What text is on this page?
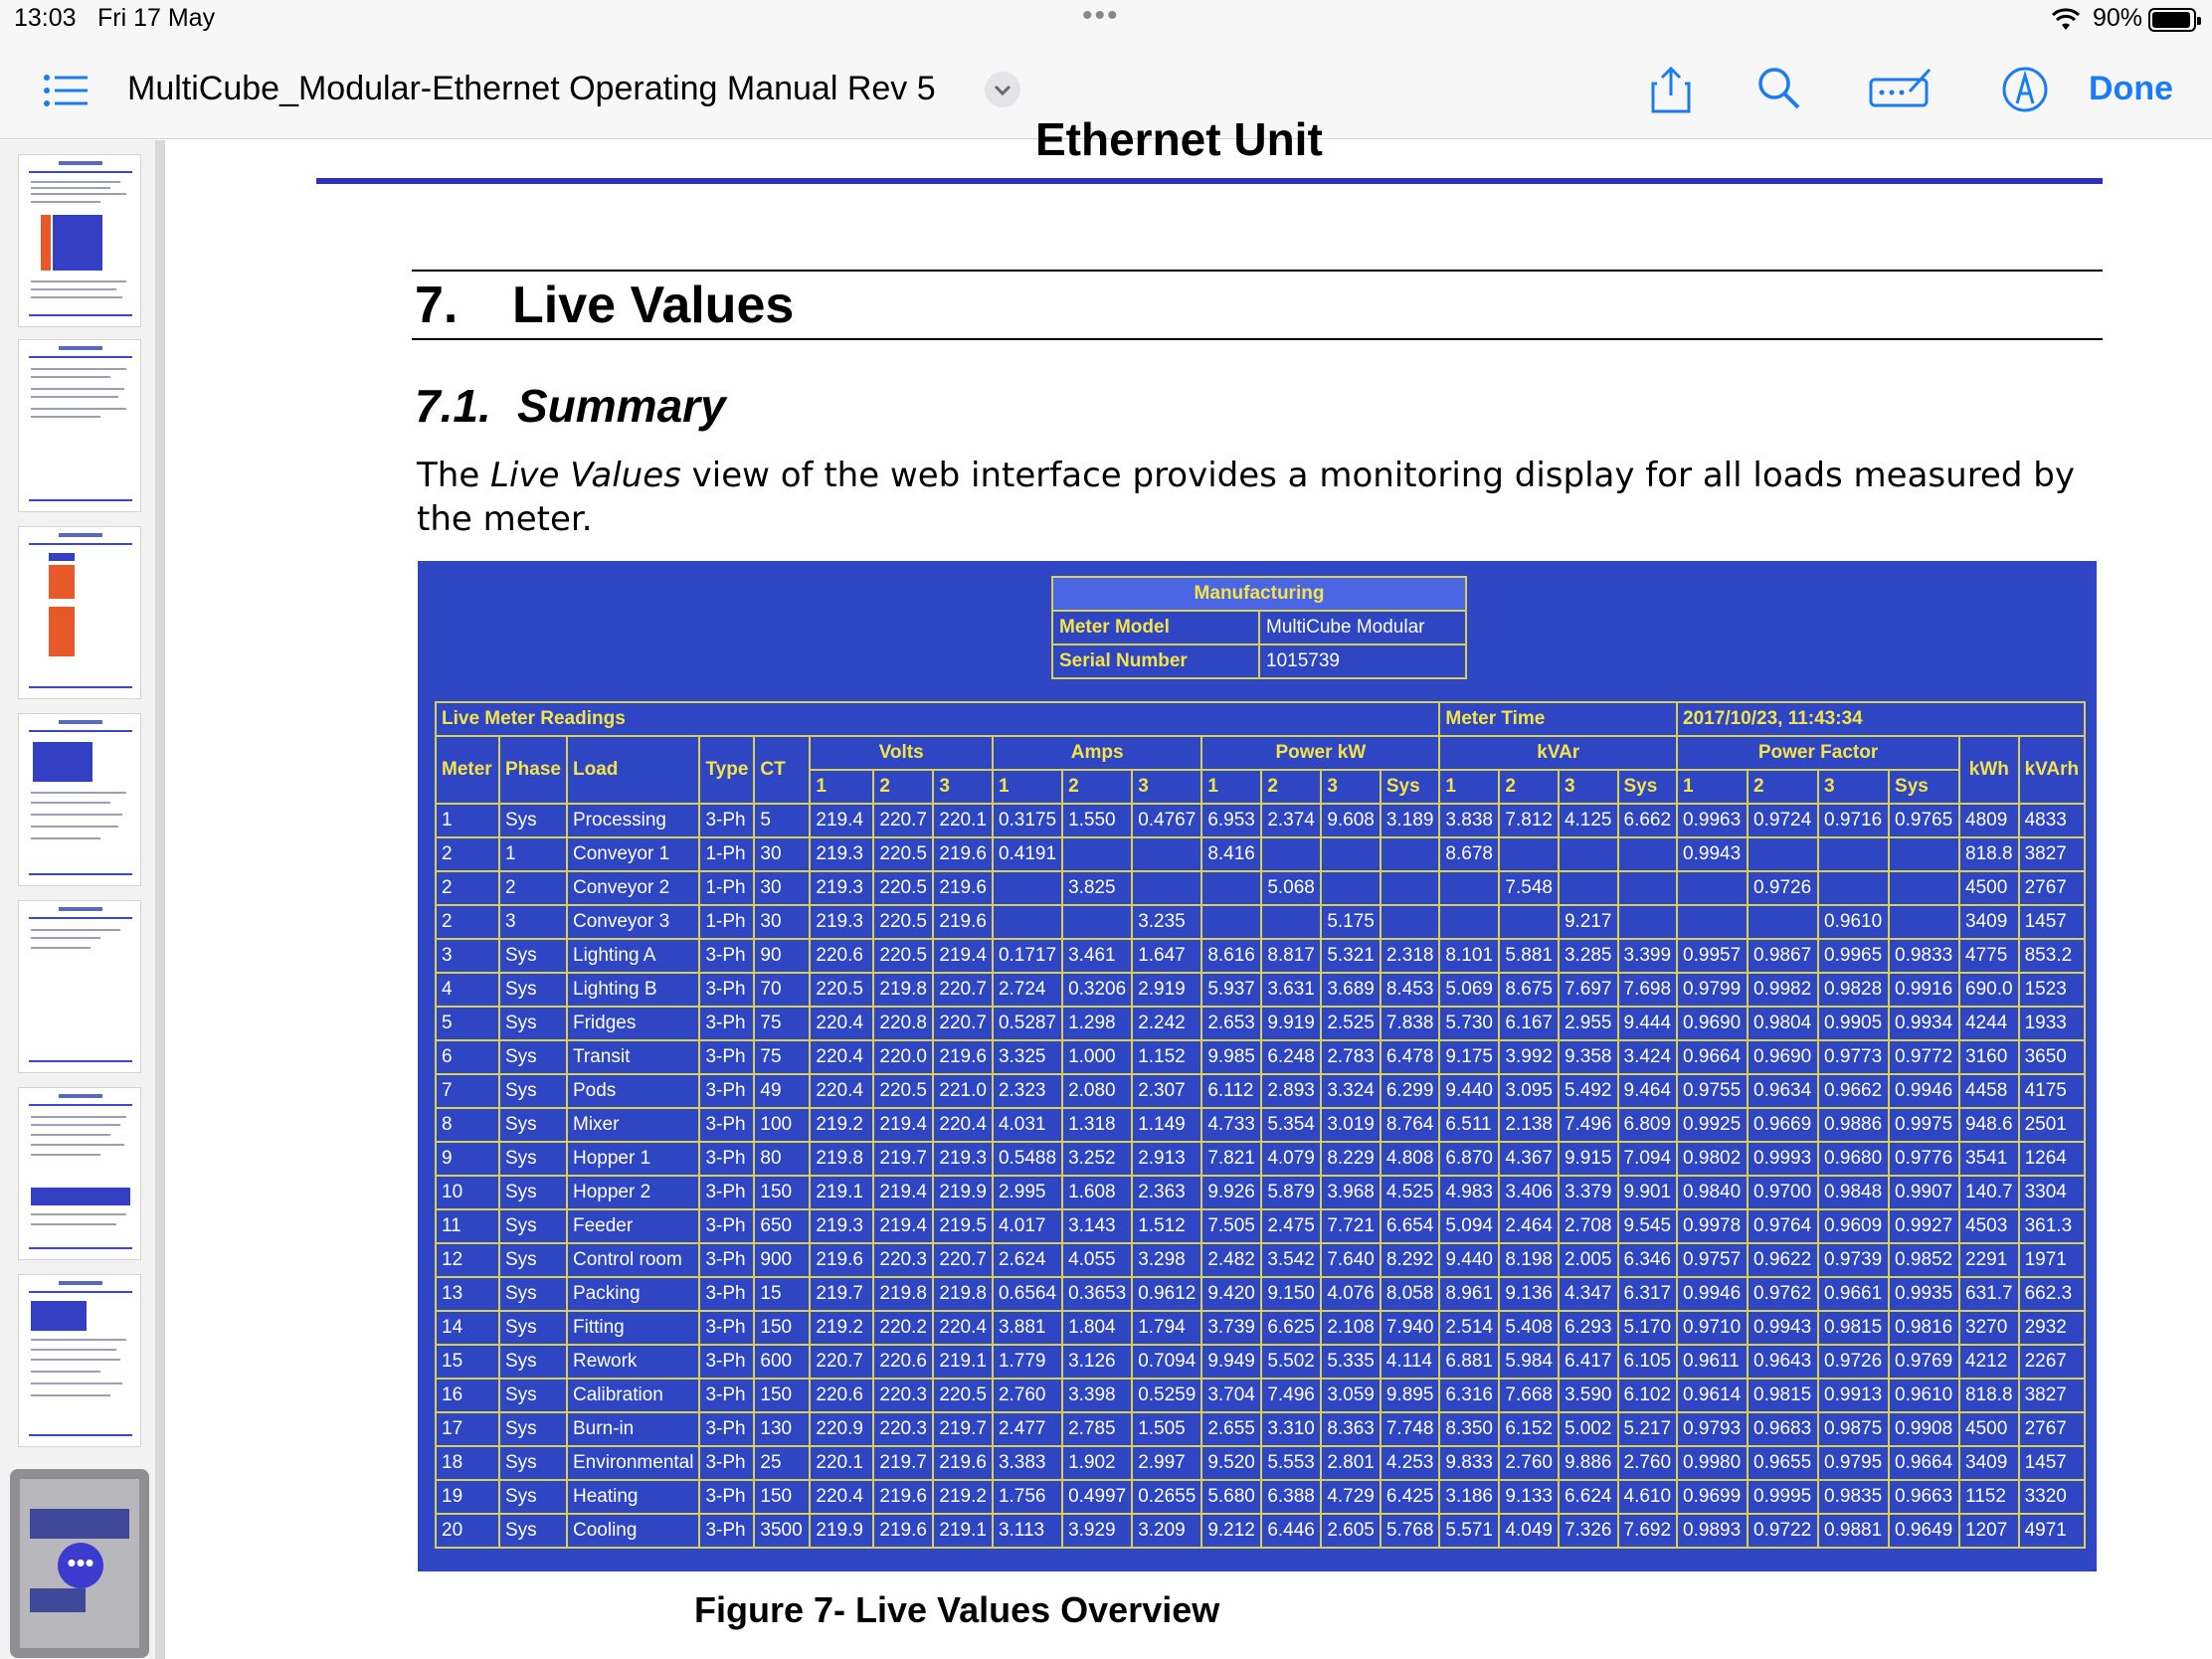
13:03 Fri 17 May	•••	90%
MultiCube_Modular-Ethernet Operating Manual Rev 5	Done
•••
Ethernet Unit
7. Live Values
7.1. Summary
The Live Values view of the web interface provides a monitoring display for all loads measured by the meter.
Manufacturing	
Meter Model	MultiCube Modular
Serial Number	1015739
Live Meter Readings															Meter Time				2017/10/23, 11:43:34					
Meter	Phase	Load	Type	CT	Volts			Amps			Power kW				kVAr				Power Factor				kWh	kVArh
					1	2	3	1	2	3	1	2	3	Sys	1	2	3	Sys	1	2	3	Sys		
1	Sys	Processing	3-Ph	5	219.4	220.7	220.1	0.3175	1.550	0.4767	6.953	2.374	9.608	3.189	3.838	7.812	4.125	6.662	0.9963	0.9724	0.9716	0.9765	4809	4833
2	1	Conveyor 1	1-Ph	30	219.3	220.5	219.6	0.4191			8.416				8.678				0.9943				818.8	3827
2	2	Conveyor 2	1-Ph	30	219.3	220.5	219.6		3.825			5.068				7.548				0.9726			4500	2767
2	3	Conveyor 3	1-Ph	30	219.3	220.5	219.6			3.235			5.175				9.217				0.9610		3409	1457
3	Sys	Lighting A	3-Ph	90	220.6	220.5	219.4	0.1717	3.461	1.647	8.616	8.817	5.321	2.318	8.101	5.881	3.285	3.399	0.9957	0.9867	0.9965	0.9833	4775	853.2
4	Sys	Lighting B	3-Ph	70	220.5	219.8	220.7	2.724	0.3206	2.919	5.937	3.631	3.689	8.453	5.069	8.675	7.697	7.698	0.9799	0.9982	0.9828	0.9916	690.0	1523
5	Sys	Fridges	3-Ph	75	220.4	220.8	220.7	0.5287	1.298	2.242	2.653	9.919	2.525	7.838	5.730	6.167	2.955	9.444	0.9690	0.9804	0.9905	0.9934	4244	1933
6	Sys	Transit	3-Ph	75	220.4	220.0	219.6	3.325	1.000	1.152	9.985	6.248	2.783	6.478	9.175	3.992	9.358	3.424	0.9664	0.9690	0.9773	0.9772	3160	3650
7	Sys	Pods	3-Ph	49	220.4	220.5	221.0	2.323	2.080	2.307	6.112	2.893	3.324	6.299	9.440	3.095	5.492	9.464	0.9755	0.9634	0.9662	0.9946	4458	4175
8	Sys	Mixer	3-Ph	100	219.2	219.4	220.4	4.031	1.318	1.149	4.733	5.354	3.019	8.764	6.511	2.138	7.496	6.809	0.9925	0.9669	0.9886	0.9975	948.6	2501
9	Sys	Hopper 1	3-Ph	80	219.8	219.7	219.3	0.5488	3.252	2.913	7.821	4.079	8.229	4.808	6.870	4.367	9.915	7.094	0.9802	0.9993	0.9680	0.9776	3541	1264
10	Sys	Hopper 2	3-Ph	150	219.1	219.4	219.9	2.995	1.608	2.363	9.926	5.879	3.968	4.525	4.983	3.406	3.379	9.901	0.9840	0.9700	0.9848	0.9907	140.7	3304
11	Sys	Feeder	3-Ph	650	219.3	219.4	219.5	4.017	3.143	1.512	7.505	2.475	7.721	6.654	5.094	2.464	2.708	9.545	0.9978	0.9764	0.9609	0.9927	4503	361.3
12	Sys	Control room	3-Ph	900	219.6	220.3	220.7	2.624	4.055	3.298	2.482	3.542	7.640	8.292	9.440	8.198	2.005	6.346	0.9757	0.9622	0.9739	0.9852	2291	1971
13	Sys	Packing	3-Ph	15	219.7	219.8	219.8	0.6564	0.3653	0.9612	9.420	9.150	4.076	8.058	8.961	9.136	4.347	6.317	0.9946	0.9762	0.9661	0.9935	631.7	662.3
14	Sys	Fitting	3-Ph	150	219.2	220.2	220.4	3.881	1.804	1.794	3.739	6.625	2.108	7.940	2.514	5.408	6.293	5.170	0.9710	0.9943	0.9815	0.9816	3270	2932
15	Sys	Rework	3-Ph	600	220.7	220.6	219.1	1.779	3.126	0.7094	9.949	5.502	5.335	4.114	6.881	5.984	6.417	6.105	0.9611	0.9643	0.9726	0.9769	4212	2267
16	Sys	Calibration	3-Ph	150	220.6	220.3	220.5	2.760	3.398	0.5259	3.704	7.496	3.059	9.895	6.316	7.668	3.590	6.102	0.9614	0.9815	0.9913	0.9610	818.8	3827
17	Sys	Burn-in	3-Ph	130	220.9	220.3	219.7	2.477	2.785	1.505	2.655	3.310	8.363	7.748	8.350	6.152	5.002	5.217	0.9793	0.9683	0.9875	0.9908	4500	2767
18	Sys	Environmental	3-Ph	25	220.1	219.7	219.6	3.383	1.902	2.997	9.520	5.553	2.801	4.253	9.833	2.760	9.886	2.760	0.9980	0.9655	0.9795	0.9664	3409	1457
19	Sys	Heating	3-Ph	150	220.4	219.6	219.2	1.756	0.4997	0.2655	5.680	6.388	4.729	6.425	3.186	9.133	6.624	4.610	0.9699	0.9995	0.9835	0.9663	1152	3320
20	Sys	Cooling	3-Ph	3500	219.9	219.6	219.1	3.113	3.929	3.209	9.212	6.446	2.605	5.768	5.571	4.049	7.326	7.692	0.9893	0.9722	0.9881	0.9649	1207	4971
Figure 7- Live Values Overview
